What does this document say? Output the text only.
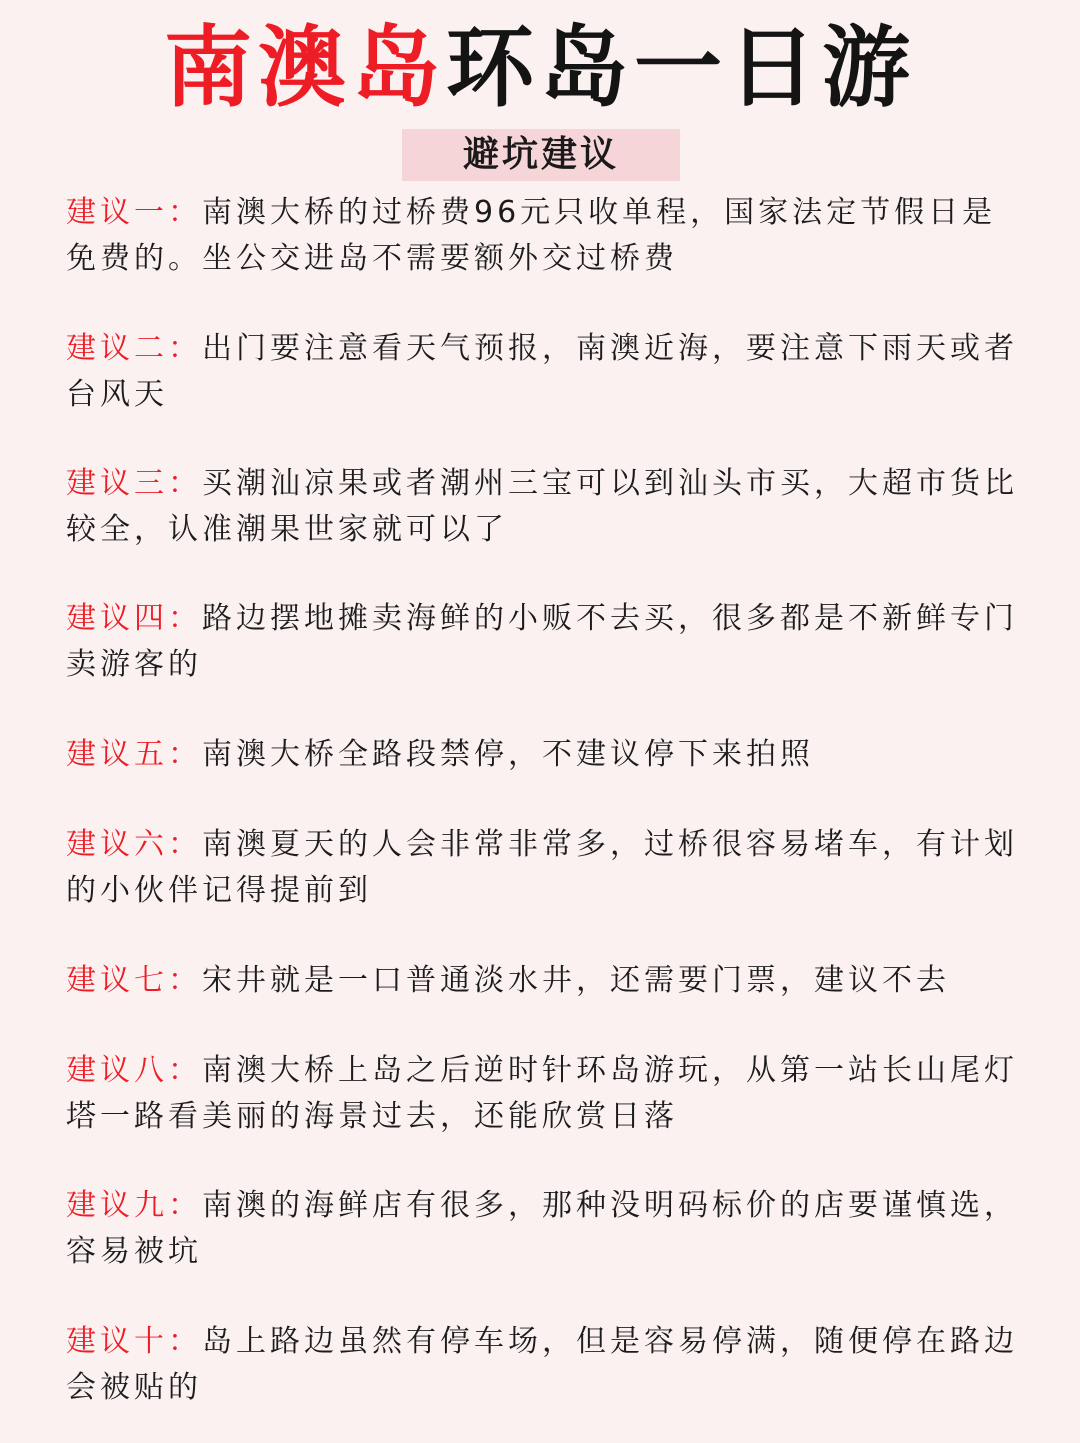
南澳岛环岛一日游
避坑建议
建议一：南澳大桥的过桥费96元只收单程，国家法定节假日是免费的。坐公交进岛不需要额外交过桥费
建议二：出门要注意看天气预报，南澳近海，要注意下雨天或者台风天
建议三：买潮汕凉果或者潮州三宝可以到汕头市买，大超市货比较全，认准潮果世家就可以了
建议四：路边摆地摊卖海鲜的小贩不去买，很多都是不新鲜专门卖游客的
建议五：南澳大桥全路段禁停，不建议停下来拍照
建议六：南澳夏天的人会非常非常多，过桥很容易堵车，有计划的小伙伴记得提前到
建议七：宋井就是一口普通淡水井，还需要门票，建议不去
建议八：南澳大桥上岛之后逆时针环岛游玩，从第一站长山尾灯塔一路看美丽的海景过去，还能欣赏日落
建议九：南澳的海鲜店有很多，那种没明码标价的店要谨慎选，容易被坑
建议十：岛上路边虽然有停车场，但是容易停满，随便停在路边会被贴的
